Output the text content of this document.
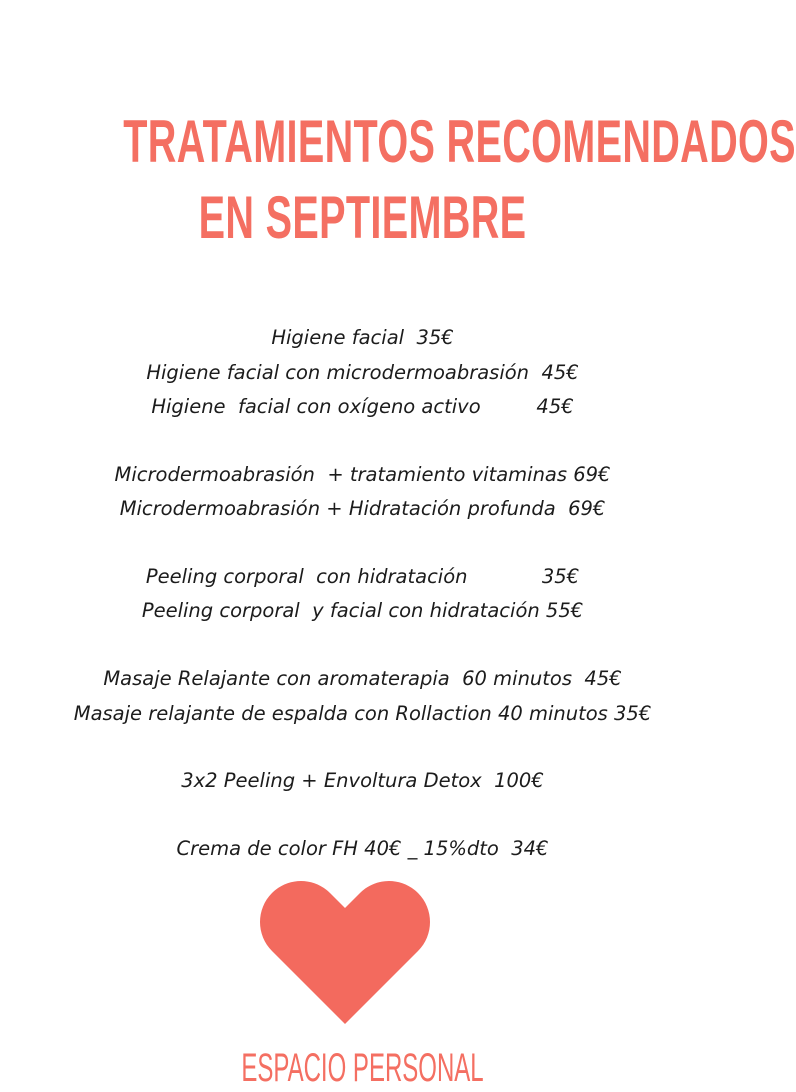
TRATAMIENTOS RECOMENDADOS
EN SEPTIEMBRE
Higiene facial  35€
Higiene facial con microdermoabrasión  45€
Higiene  facial con oxígeno activo         45€
Microdermoabrasión  + tratamiento vitaminas 69€
Microdermoabrasión + Hidratación profunda  69€
Peeling corporal  con hidratación            35€
Peeling corporal  y facial con hidratación 55€
Masaje Relajante con aromaterapia  60 minutos  45€
Masaje relajante de espalda con Rollaction 40 minutos 35€
3x2 Peeling + Envoltura Detox  100€
Crema de color FH 40€ _ 15%dto  34€
ESPACIO PERSONAL
